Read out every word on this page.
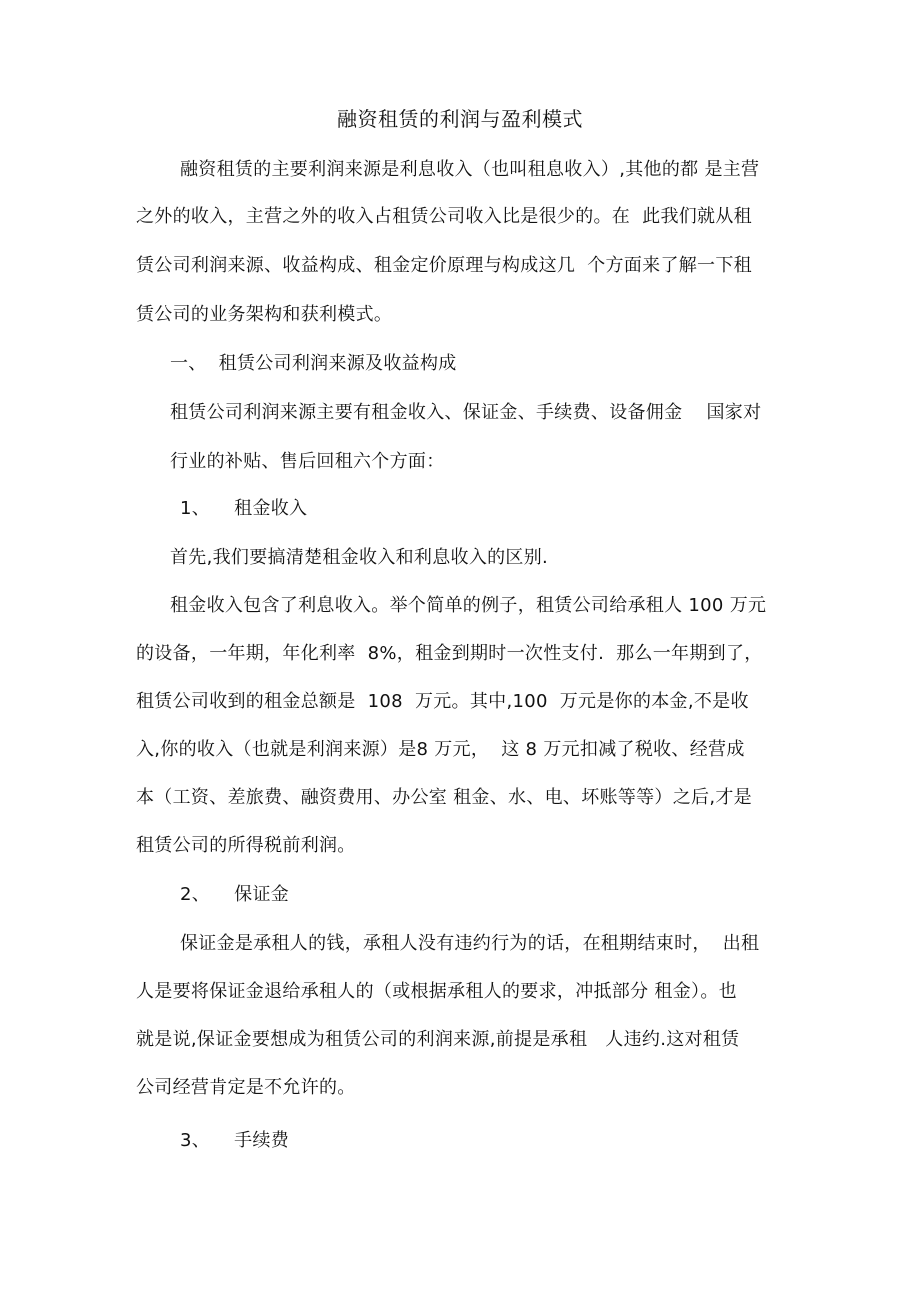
融资租赁的利润与盈利模式
融资租赁的主要利润来源是利息收入（也叫租息收入）,其他的都 是主营
之外的收入，主营之外的收入占租赁公司收入比是很少的。在  此我们就从租
赁公司利润来源、收益构成、租金定价原理与构成这几  个方面来了解一下租
赁公司的业务架构和获利模式。
一、  租赁公司利润来源及收益构成
租赁公司利润来源主要有租金收入、保证金、手续费、设备佣金    国家对
行业的补贴、售后回租六个方面：
1、    租金收入
首先,我们要搞清楚租金收入和利息收入的区别.
租金收入包含了利息收入。举个简单的例子，租赁公司给承租人 100 万元
的设备，一年期，年化利率  8%，租金到期时一次性支付.  那么一年期到了，
租赁公司收到的租金总额是  108  万元。其中,100  万元是你的本金,不是收
入,你的收入（也就是利润来源）是8 万元，  这 8 万元扣减了税收、经营成
本（工资、差旅费、融资费用、办公室 租金、水、电、坏账等等）之后,才是
租赁公司的所得税前利润。
2、    保证金
保证金是承租人的钱，承租人没有违约行为的话，在租期结束时，  出租
人是要将保证金退给承租人的（或根据承租人的要求，冲抵部分 租金）。也
就是说,保证金要想成为租赁公司的利润来源,前提是承租   人违约.这对租赁
公司经营肯定是不允许的。
3、    手续费
